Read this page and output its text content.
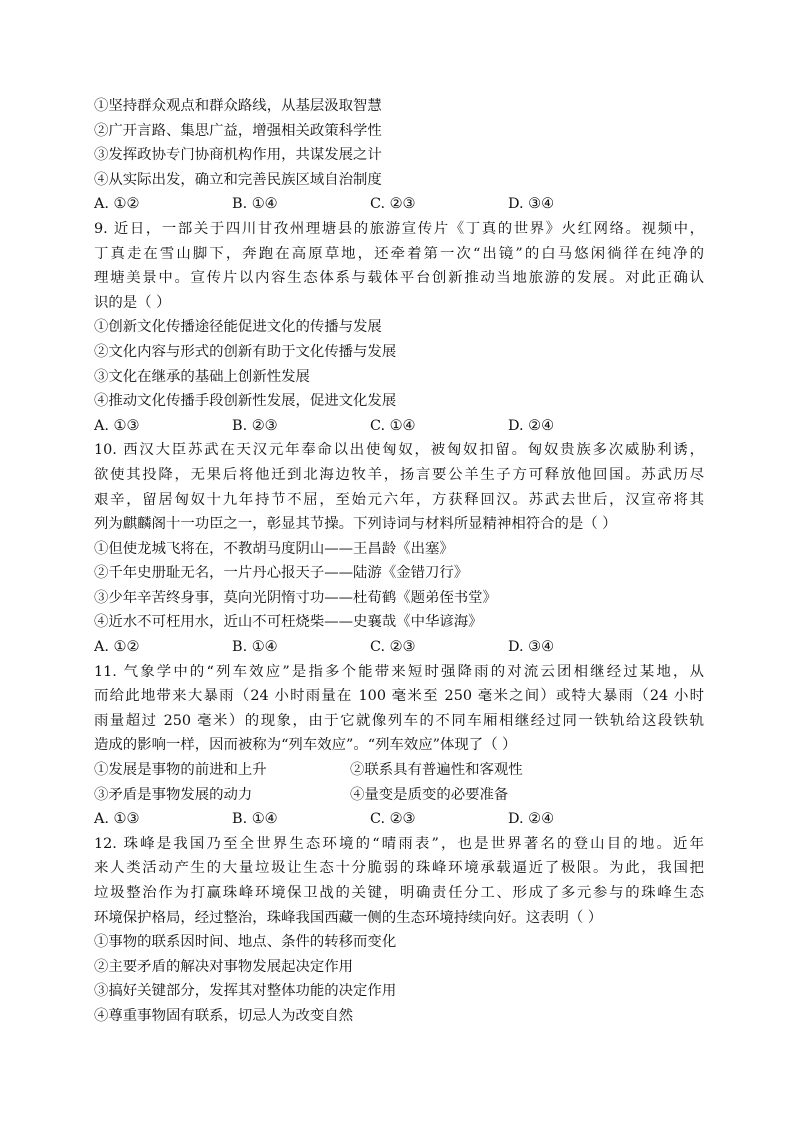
①坚持群众观点和群众路线，从基层汲取智慧
②广开言路、集思广益，增强相关政策科学性
③发挥政协专门协商机构作用，共谋发展之计
④从实际出发，确立和完善民族区域自治制度
A. ①②	B. ①④	C. ②③	D. ③④
9. 近日，一部关于四川甘孜州理塘县的旅游宣传片《丁真的世界》火红网络。视频中，
丁真走在雪山脚下，奔跑在高原草地，还牵着第一次“出镜”的白马悠闲徜徉在纯净的
理塘美景中。宣传片以内容生态体系与载体平台创新推动当地旅游的发展。对此正确认
识的是（ ）
①创新文化传播途径能促进文化的传播与发展
②文化内容与形式的创新有助于文化传播与发展
③文化在继承的基础上创新性发展
④推动文化传播手段创新性发展，促进文化发展
A. ①③	B. ②③	C. ①④	D. ②④
10. 西汉大臣苏武在天汉元年奉命以出使匈奴，被匈奴扣留。匈奴贵族多次威胁利诱，
欲使其投降，无果后将他迁到北海边牧羊，扬言要公羊生子方可释放他回国。苏武历尽
艰辛，留居匈奴十九年持节不屈，至始元六年，方获释回汉。苏武去世后，汉宣帝将其
列为麒麟阁十一功臣之一，彰显其节操。下列诗词与材料所显精神相符合的是（ ）
①但使龙城飞将在，不教胡马度阴山——王昌龄《出塞》
②千年史册耻无名，一片丹心报天子——陆游《金错刀行》
③少年辛苦终身事，莫向光阴惰寸功——杜荀鹤《题弟侄书堂》
④近水不可枉用水，近山不可枉烧柴——史襄哉《中华谚海》
A. ①②	B. ①④	C. ②③	D. ③④
11. 气象学中的“列车效应”是指多个能带来短时强降雨的对流云团相继经过某地，从
而给此地带来大暴雨（24 小时雨量在 100 毫米至 250 毫米之间）或特大暴雨（24 小时
雨量超过 250 毫米）的现象，由于它就像列车的不同车厢相继经过同一铁轨给这段铁轨
造成的影响一样，因而被称为“列车效应”。“列车效应”体现了（ ）
①发展是事物的前进和上升	②联系具有普遍性和客观性
③矛盾是事物发展的动力	④量变是质变的必要准备
A. ①③	B. ①④	C. ②③	D. ②④
12. 珠峰是我国乃至全世界生态环境的“晴雨表”，也是世界著名的登山目的地。近年
来人类活动产生的大量垃圾让生态十分脆弱的珠峰环境承载逼近了极限。为此，我国把
垃圾整治作为打赢珠峰环境保卫战的关键，明确责任分工、形成了多元参与的珠峰生态
环境保护格局，经过整治，珠峰我国西藏一侧的生态环境持续向好。这表明（ ）
①事物的联系因时间、地点、条件的转移而变化
②主要矛盾的解决对事物发展起决定作用
③搞好关键部分，发挥其对整体功能的决定作用
④尊重事物固有联系，切忌人为改变自然
